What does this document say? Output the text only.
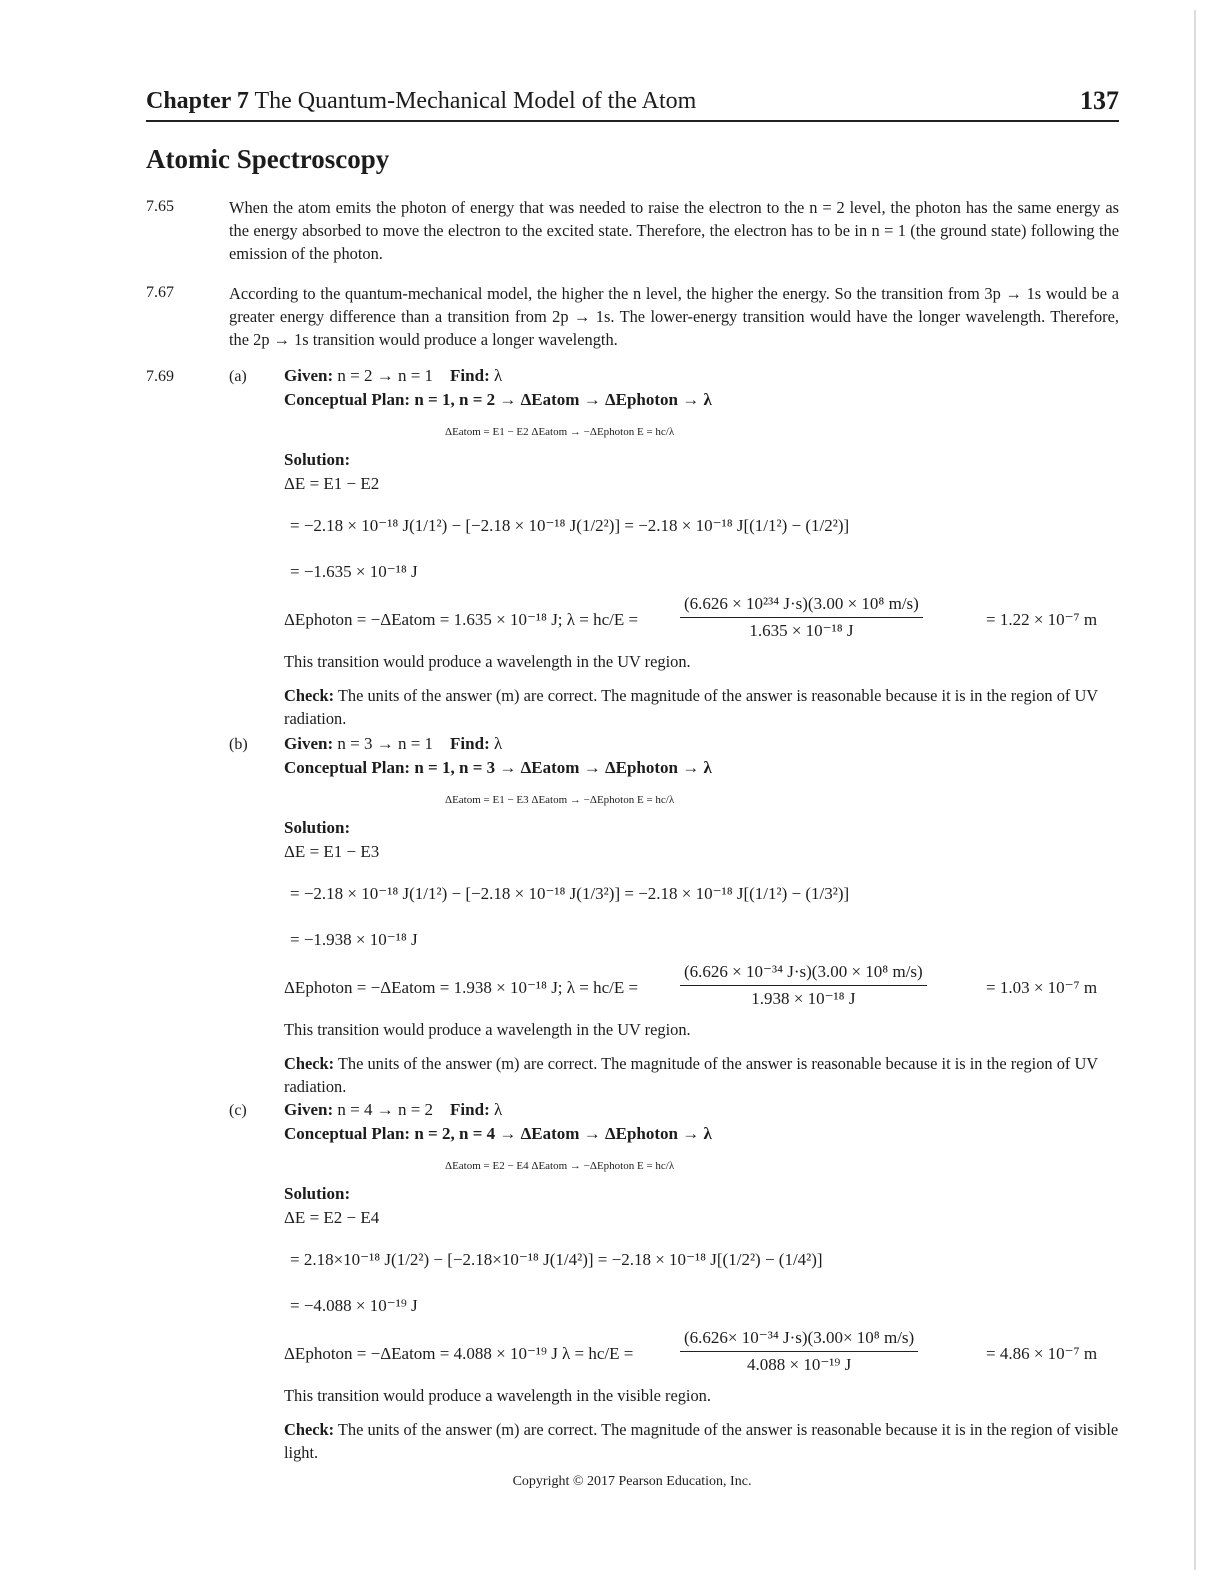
Chapter 7 The Quantum-Mechanical Model of the Atom	137
Atomic Spectroscopy
7.65	When the atom emits the photon of energy that was needed to raise the electron to the n = 2 level, the photon has the same energy as the energy absorbed to move the electron to the excited state. Therefore, the electron has to be in n = 1 (the ground state) following the emission of the photon.

7.67	According to the quantum-mechanical model, the higher the n level, the higher the energy. So the transition from 3p → 1s would be a greater energy difference than a transition from 2p → 1s. The lower-energy transition would have the longer wavelength. Therefore, the 2p → 1s transition would produce a longer wavelength.

7.69	(a) Given: n = 2 → n = 1 Find: λ
Conceptual Plan: n = 1, n = 2 → ΔEatom → ΔEphoton → λ
ΔEatom = E1 − E2 ΔEatom → −ΔEphoton E = hc/λ
Solution:
ΔE = E1 − E2
= −2.18 × 10⁻¹⁸ J(1/1²) − [−2.18 × 10⁻¹⁸ J(1/2²)] = −2.18 × 10⁻¹⁸ J[(1/1²) − (1/2²)]
= −1.635 × 10⁻¹⁸ J
ΔEphoton = −ΔEatom = 1.635 × 10⁻¹⁸ J; $\lambda = hc/E = \frac{\text{(6.626 × 10²³⁴ J·s)(3.00 × 10⁸ m/s)}}{\text{1.635 × 10⁻¹⁸ J}}$	= 1.22 × 10⁻⁷ m

This transition would produce a wavelength in the UV region.

Check: The units of the answer (m) are correct. The magnitude of the answer is reasonable because it is in the region of UV radiation.

(b) Given: n = 3 → n = 1 Find: λ
Conceptual Plan: n = 1, n = 3 → ΔEatom → ΔEphoton → λ
ΔEatom = E1 − E3 ΔEatom → −ΔEphoton E = hc/λ
Solution:
ΔE = E1 − E3
= −2.18 × 10⁻¹⁸ J(1/1²) − [−2.18 × 10⁻¹⁸ J(1/3²)] = −2.18 × 10⁻¹⁸ J[(1/1²) − (1/3²)]
= −1.938 × 10⁻¹⁸ J
ΔEphoton = −ΔEatom = 1.938 × 10⁻¹⁸ J; $\lambda = hc/E = \frac{\text{(6.626 × 10⁻³⁴ J·s)(3.00 × 10⁸ m/s)}}{\text{1.938 × 10⁻¹⁸ J}}$	= 1.03 × 10⁻⁷ m

This transition would produce a wavelength in the UV region.

Check: The units of the answer (m) are correct. The magnitude of the answer is reasonable because it is in the region of UV radiation.

(c) Given: n = 4 → n = 2 Find: λ
Conceptual Plan: n = 2, n = 4 → ΔEatom → ΔEphoton → λ
ΔEatom = E2 − E4 ΔEatom → −ΔEphoton E = hc/λ
Solution:
ΔE = E2 − E4
= 2.18×10⁻¹⁸ J(1/2²) − [−2.18×10⁻¹⁸ J(1/4²)] = −2.18 × 10⁻¹⁸ J[(1/2²) − (1/4²)]
= −4.088 × 10⁻¹⁹ J
ΔEphoton = −ΔEatom = 4.088 × 10⁻¹⁹ J λ = hc/E =	$\frac{\text{(6.626× 10⁻³⁴ J·s)(3.00× 10⁸ m/s)}}{\text{4.088 × 10⁻¹⁹ J}}$	= 4.86 × 10⁻⁷ m

This transition would produce a wavelength in the visible region.

Check: The units of the answer (m) are correct. The magnitude of the answer is reasonable because it is in the region of visible light.

Copyright © 2017 Pearson Education, Inc.
